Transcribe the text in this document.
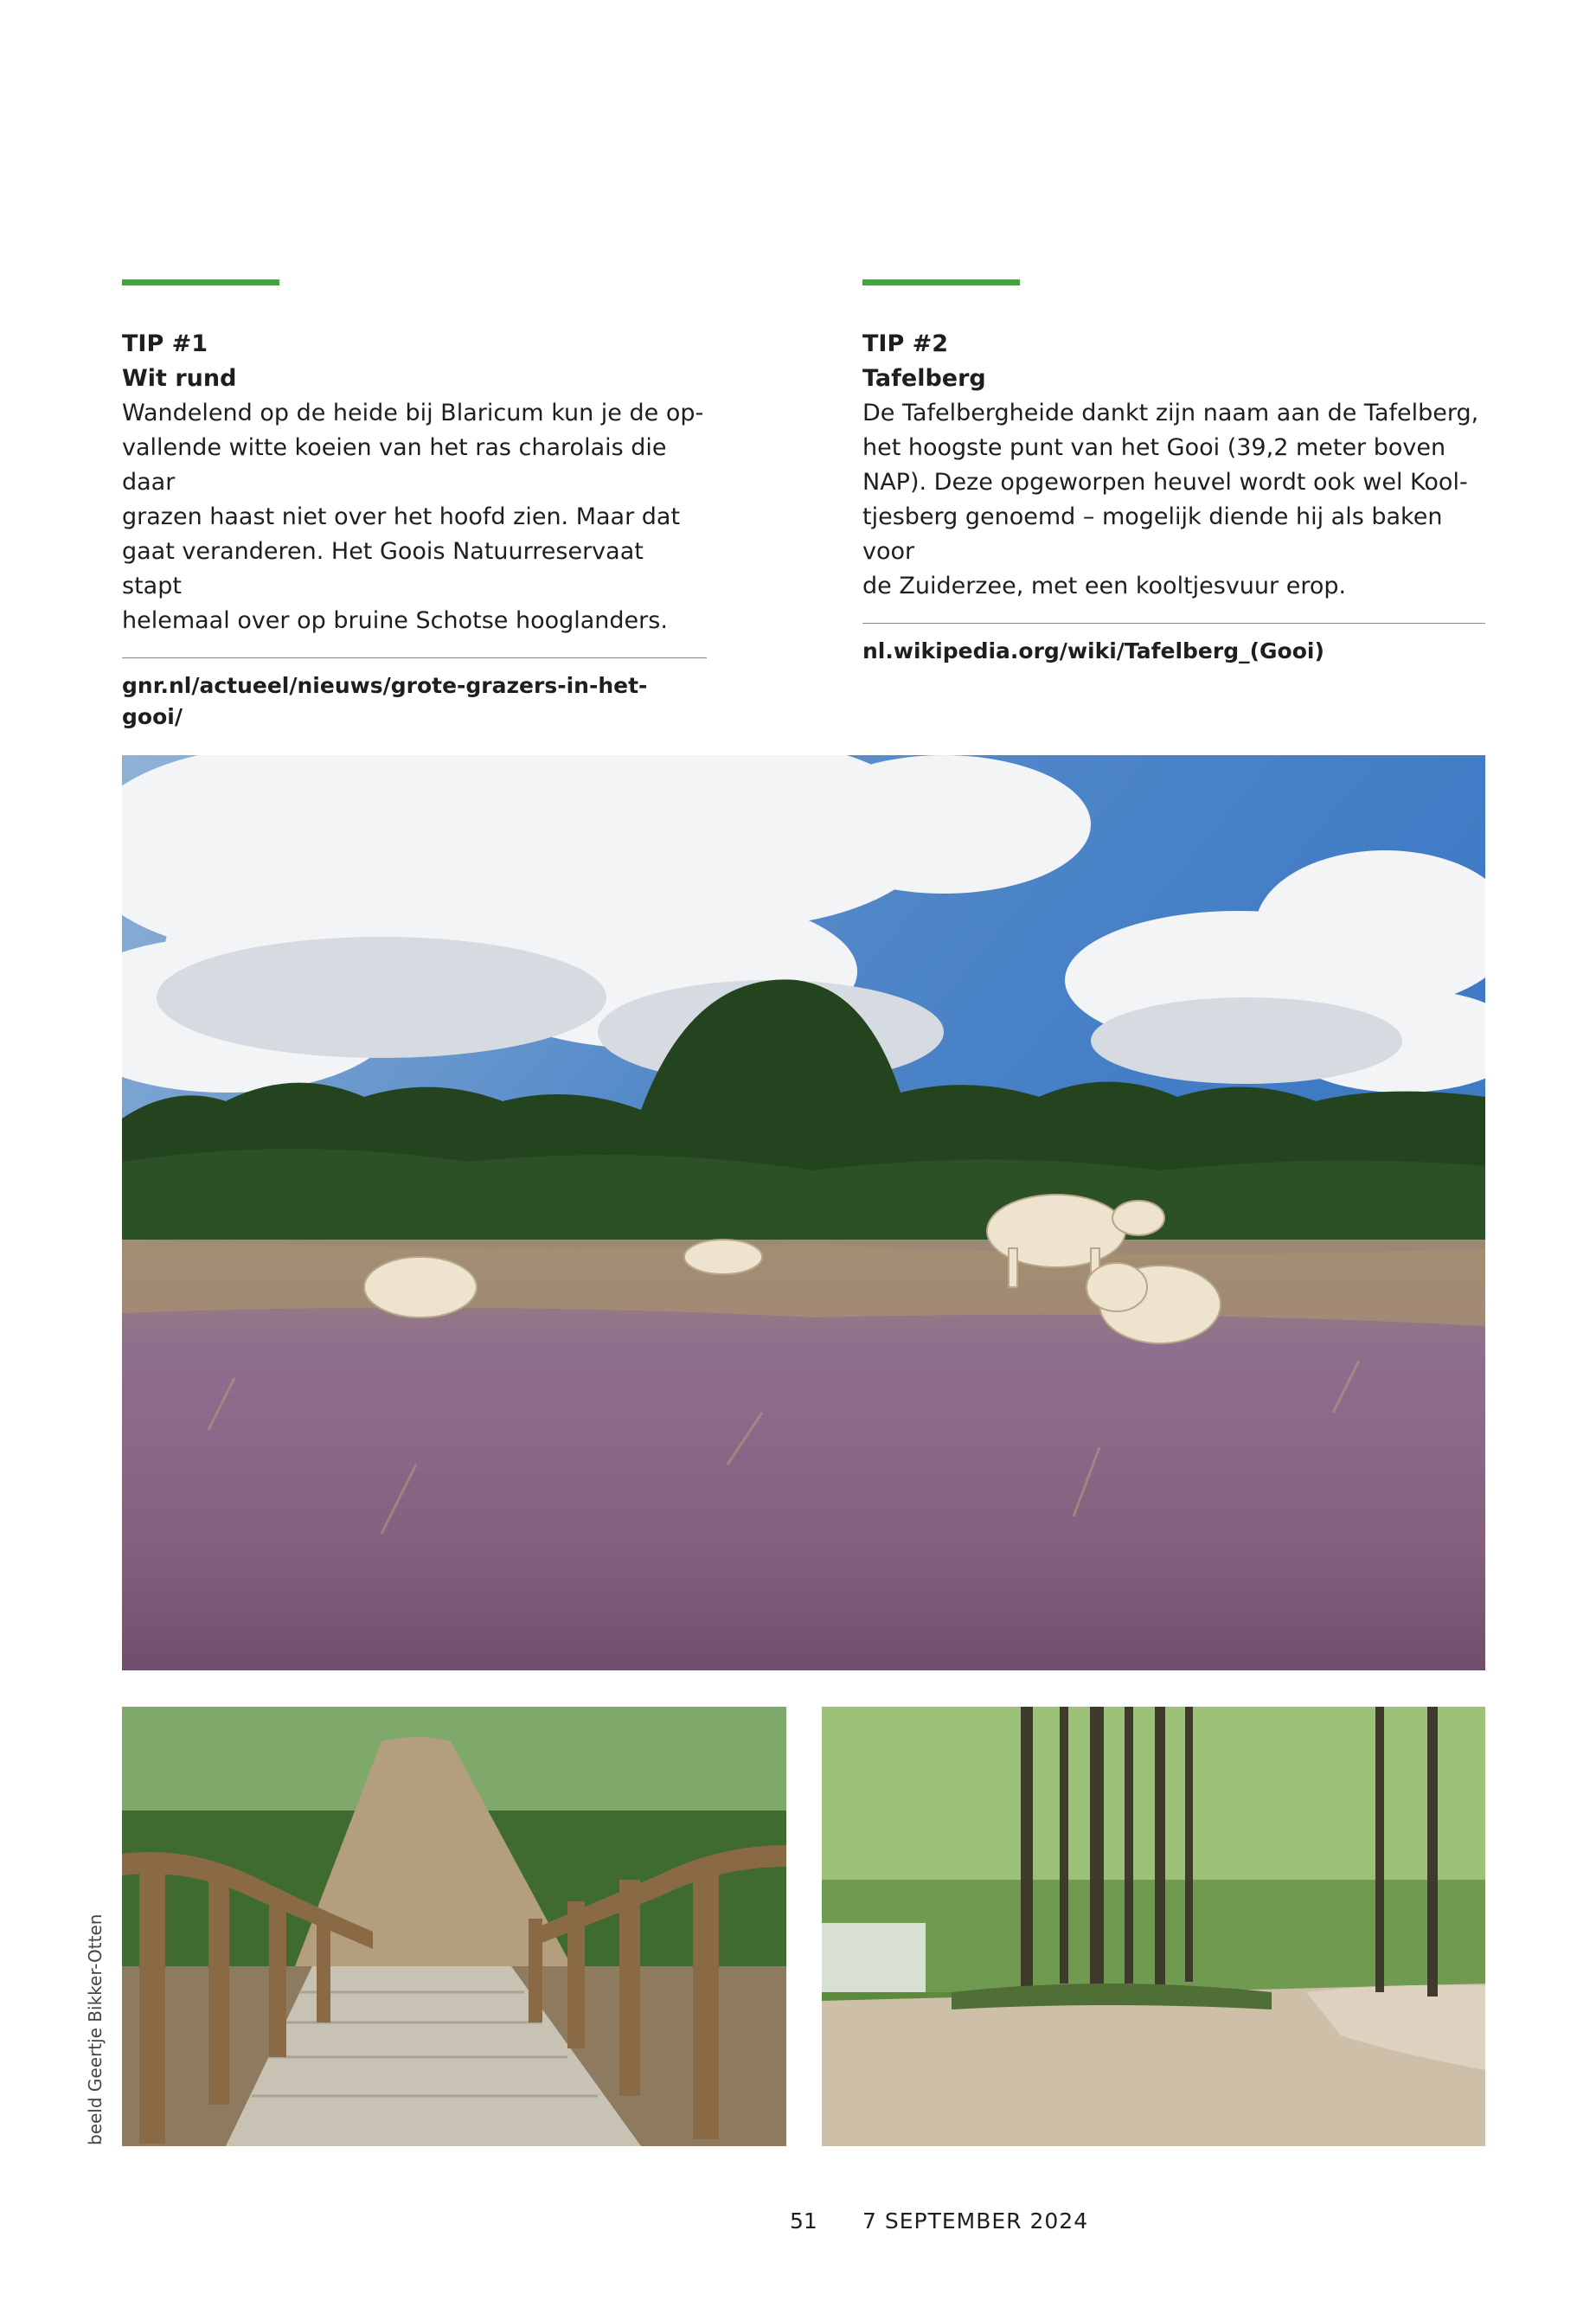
TIP #1
Wit rund

Wandelend op de heide bij Blaricum kun je de op-
vallende witte koeien van het ras charolais die daar
grazen haast niet over het hoofd zien. Maar dat
gaat veranderen. Het Goois Natuurreservaat stapt
helemaal over op bruine Schotse hooglanders.

gnr.nl/actueel/nieuws/grote-grazers-in-het-gooi/
TIP #2
Tafelberg

De Tafelbergheide dankt zijn naam aan de Tafelberg,
het hoogste punt van het Gooi (39,2 meter boven
NAP). Deze opgeworpen heuvel wordt ook wel Kool-
tjesberg genoemd – mogelijk diende hij als baken voor
de Zuiderzee, met een kooltjesvuur erop.

nl.wikipedia.org/wiki/Tafelberg_(Gooi)
beeld Geertje Bikker-Otten
51 7 SEPTEMBER 2024
